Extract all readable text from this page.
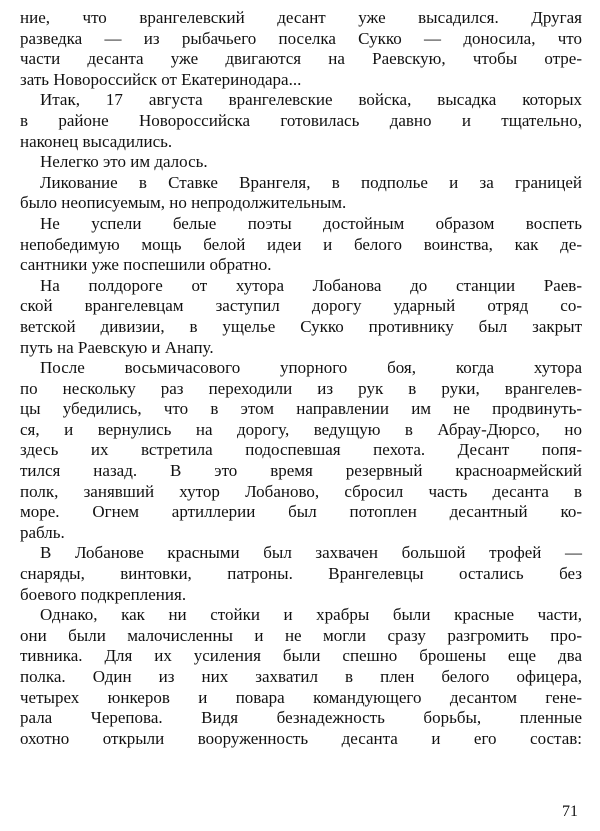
ние, что врангелевский десант уже высадился. Другая
разведка — из рыбачьего поселка Сукко — доносила, что
части десанта уже двигаются на Раевскую, чтобы отре-
зать Новороссийск от Екатеринодара...
Итак, 17 августа врангелевские войска, высадка которых
в районе Новороссийска готовилась давно и тщательно,
наконец высадились.
Нелегко это им далось.
Ликование в Ставке Врангеля, в подполье и за границей
было неописуемым, но непродолжительным.
Не успели белые поэты достойным образом воспеть
непобедимую мощь белой идеи и белого воинства, как де-
сантники уже поспешили обратно.
На полдороге от хутора Лобанова до станции Раев-
ской врангелевцам заступил дорогу ударный отряд со-
ветской дивизии, в ущелье Сукко противнику был закрыт
путь на Раевскую и Анапу.
После восьмичасового упорного боя, когда хутора
по нескольку раз переходили из рук в руки, врангелев-
цы убедились, что в этом направлении им не продвинуть-
ся, и вернулись на дорогу, ведущую в Абрау-Дюрсо, но
здесь их встретила подоспевшая пехота. Десант попя-
тился назад. В это время резервный красноармейский
полк, занявший хутор Лобаново, сбросил часть десанта в
море. Огнем артиллерии был потоплен десантный ко-
рабль.
В Лобанове красными был захвачен большой трофей —
снаряды, винтовки, патроны. Врангелевцы остались без
боевого подкрепления.
Однако, как ни стойки и храбры были красные части,
они были малочисленны и не могли сразу разгромить про-
тивника. Для их усиления были спешно брошены еще два
полка. Один из них захватил в плен белого офицера,
четырех юнкеров и повара командующего десантом гене-
рала Черепова. Видя безнадежность борьбы, пленные
охотно открыли вооруженность десанта и его состав:
71
